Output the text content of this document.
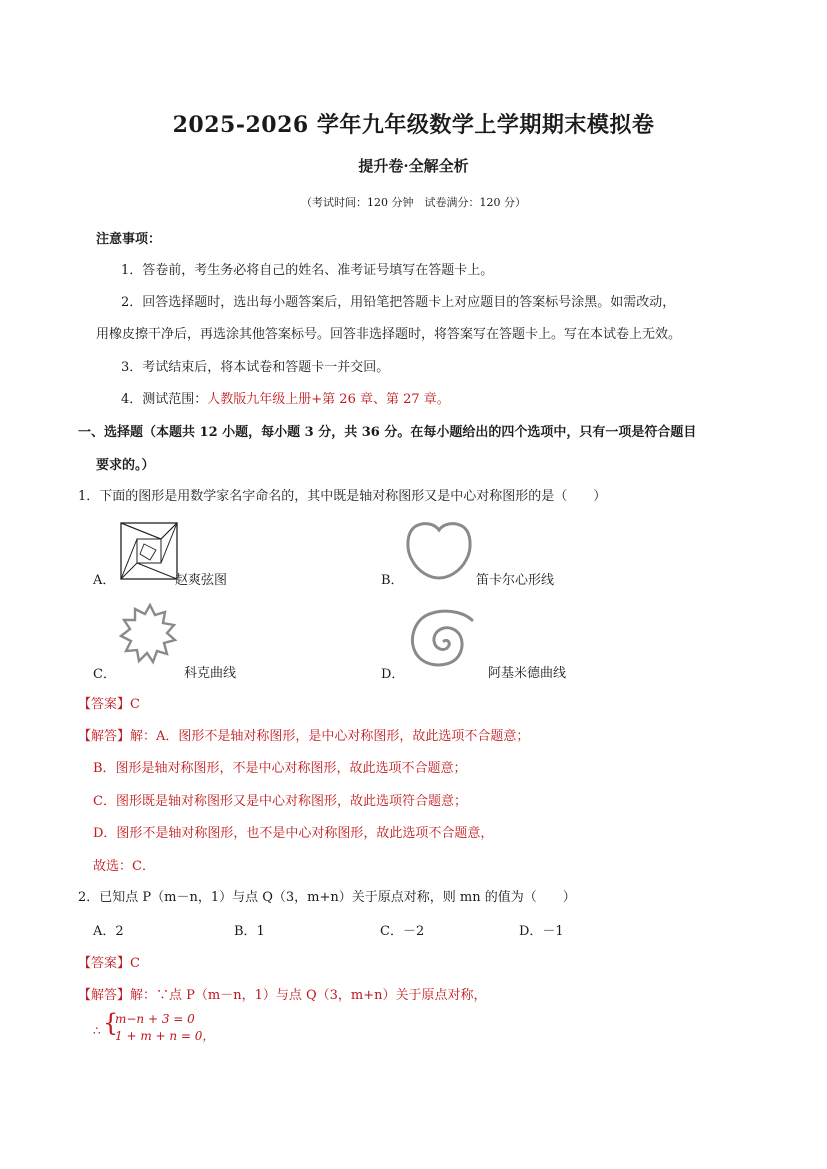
2025-2026 学年九年级数学上学期期末模拟卷
提升卷·全解全析
（考试时间：120 分钟　试卷满分：120 分）
注意事项：
1．答卷前，考生务必将自己的姓名、准考证号填写在答题卡上。
2．回答选择题时，选出每小题答案后，用铅笔把答题卡上对应题目的答案标号涂黑。如需改动，
用橡皮擦干净后，再选涂其他答案标号。回答非选择题时，将答案写在答题卡上。写在本试卷上无效。
3．考试结束后，将本试卷和答题卡一并交回。
4．测试范围：人教版九年级上册+第 26 章、第 27 章。
一、选择题（本题共 12 小题，每小题 3 分，共 36 分。在每小题给出的四个选项中，只有一项是符合题目
要求的。）
1．下面的图形是用数学家名字命名的，其中既是轴对称图形又是中心对称图形的是（　　）
A．	赵爽弦图	B．	笛卡尔心形线
C．	科克曲线	D．	阿基米德曲线
【答案】C
【解答】解：A．图形不是轴对称图形，是中心对称图形，故此选项不合题意；
B．图形是轴对称图形，不是中心对称图形，故此选项不合题意；
C．图形既是轴对称图形又是中心对称图形，故此选项符合题意；
D．图形不是轴对称图形，也不是中心对称图形，故此选项不合题意，
故选：C．
2．已知点 P（m－n，1）与点 Q（3，m+n）关于原点对称，则 mn 的值为（　　）
A．2	B．1	C．－2	D．－1
【答案】C
【解答】解：∵点 P（m－n，1）与点 Q（3，m+n）关于原点对称，
∴ {
m−n + 3 = 0
1 + m + n = 0，
